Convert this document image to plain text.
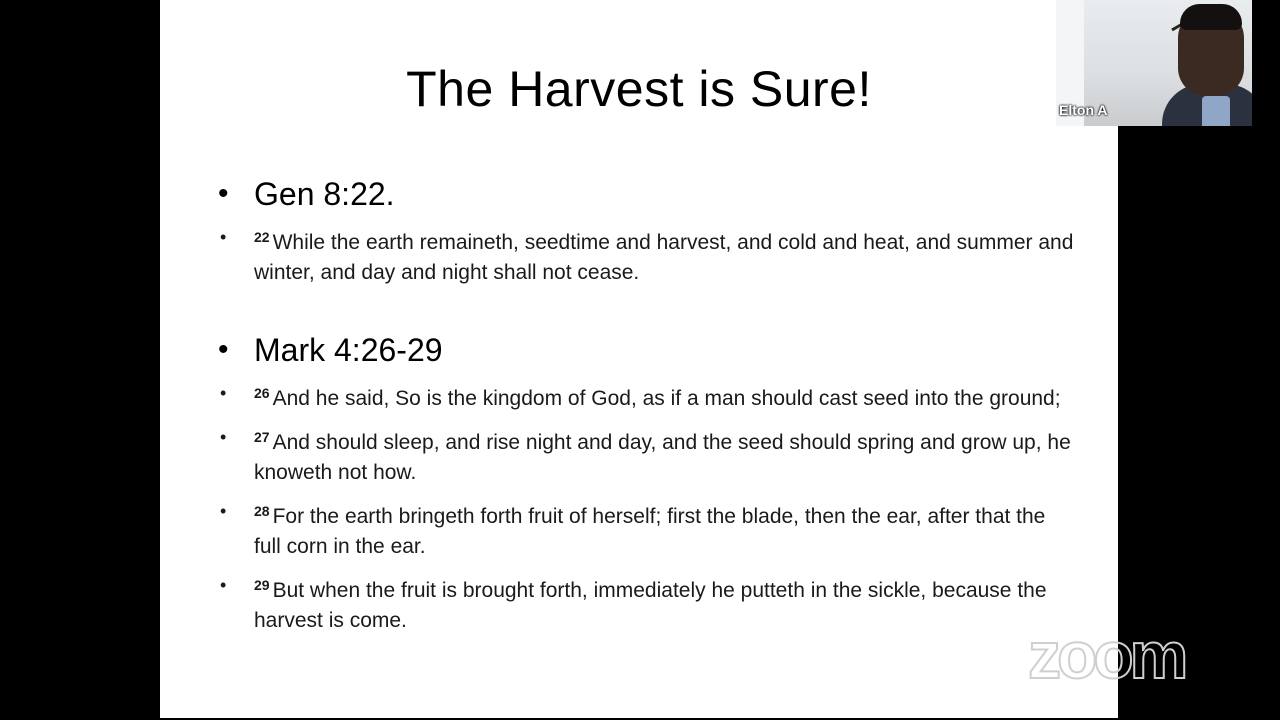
The Harvest is Sure!
• Gen 8:22.
• $^{22}$ While the earth remaineth, seedtime and harvest, and cold and heat, and summer and winter, and day and night shall not cease.
• Mark 4:26-29
• $^{26}$ And he said, So is the kingdom of God, as if a man should cast seed into the ground;
• $^{27}$ And should sleep, and rise night and day, and the seed should spring and grow up, he knoweth not how.
• $^{28}$ For the earth bringeth forth fruit of herself; first the blade, then the ear, after that the full corn in the ear.
• $^{29}$ But when the fruit is brought forth, immediately he putteth in the sickle, because the harvest is come.
Elton A
zoom
